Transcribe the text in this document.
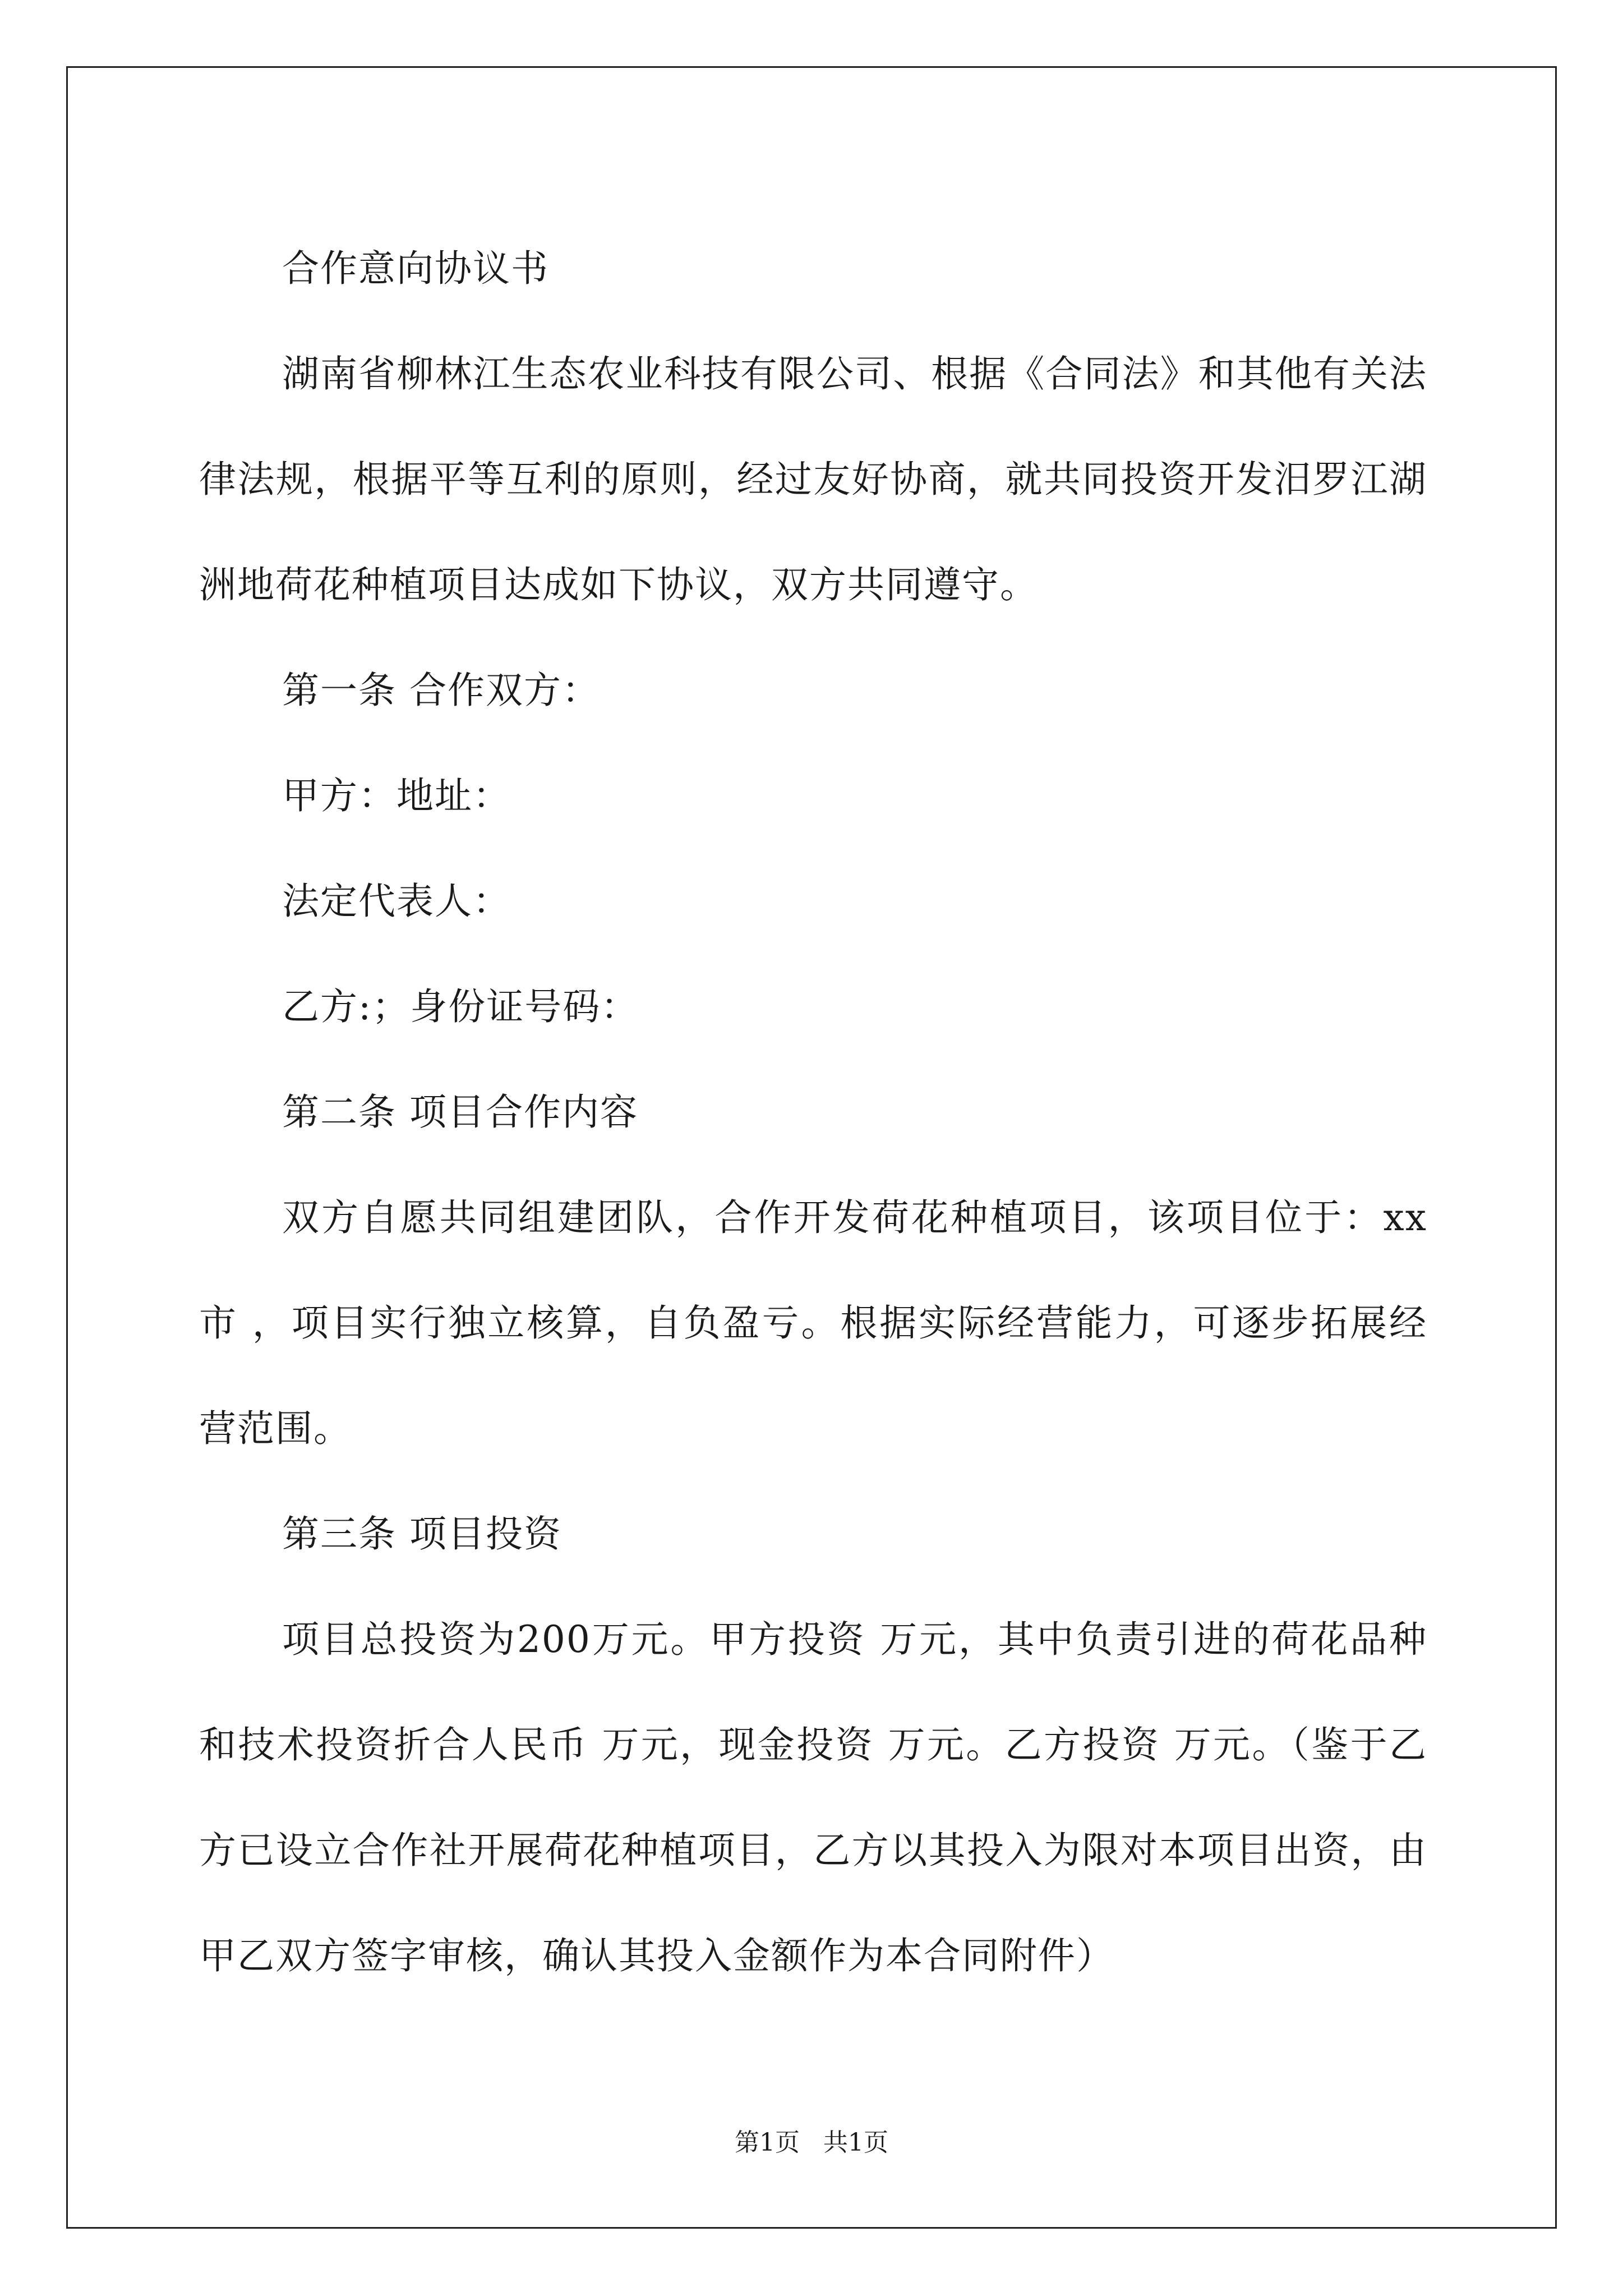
合作意向协议书

湖南省柳林江生态农业科技有限公司、根据《合同法》和其他有关法律法规，根据平等互利的原则，经过友好协商，就共同投资开发汨罗江湖洲地荷花种植项目达成如下协议，双方共同遵守。

第一条 合作双方：

甲方：地址：

法定代表人：

乙方:；身份证号码：

第二条 项目合作内容

双方自愿共同组建团队，合作开发荷花种植项目，该项目位于：xx市 ，项目实行独立核算，自负盈亏。根据实际经营能力，可逐步拓展经营范围。

第三条 项目投资

项目总投资为200万元。甲方投资 万元，其中负责引进的荷花品种和技术投资折合人民币 万元，现金投资 万元。乙方投资 万元。（鉴于乙方已设立合作社开展荷花种植项目，乙方以其投入为限对本项目出资，由甲乙双方签字审核，确认其投入金额作为本合同附件）

第1页 共1页
